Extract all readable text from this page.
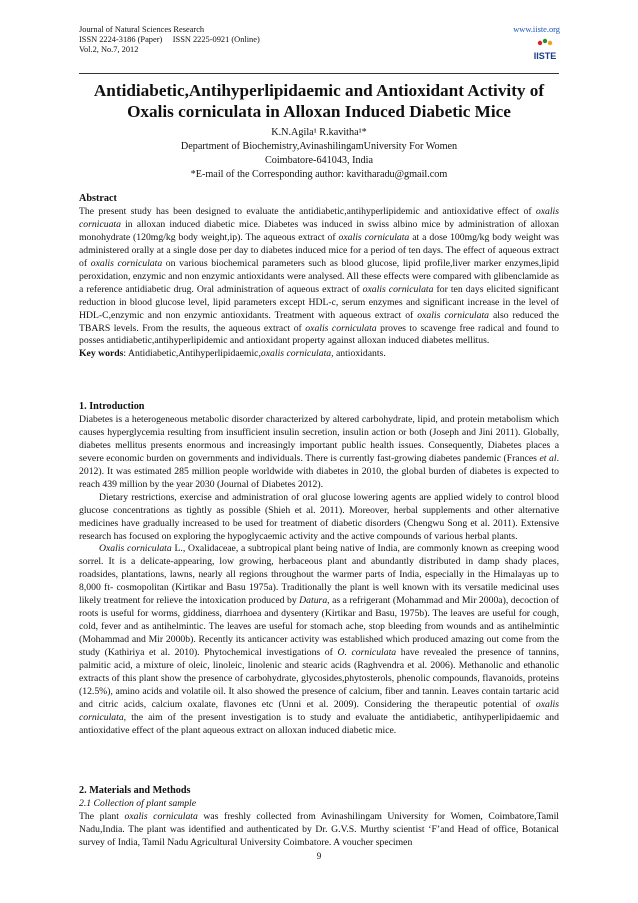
Journal of Natural Sciences Research
ISSN 2224-3186 (Paper)     ISSN 2225-0921 (Online)
Vol.2, No.7, 2012
www.iiste.org
IISTE
Antidiabetic,Antihyperlipidaemic and Antioxidant Activity of Oxalis corniculata in Alloxan Induced Diabetic Mice
K.N.Agila¹ R.kavitha¹*
Department of Biochemistry,AvinashilingamUniversity For Women
Coimbatore-641043, India
*E-mail of the Corresponding author: kavitharadu@gmail.com

Abstract

The present study has been designed to evaluate the antidiabetic,antihyperlipidemic and antioxidative effect of oxalis cornicuata in alloxan induced diabetic mice. Diabetes was induced in swiss albino mice by administration of alloxan monohydrate (120mg/kg body weight,ip). The aqueous extract of oxalis corniculata at a dose 100mg/kg body weight was administered orally at a single dose per day to diabetes induced mice for a period of ten days. The effect of aqueous extract of oxalis corniculata on various biochemical parameters such as blood glucose, lipid profile,liver marker enzymes,lipid peroxidation, enzymic and non enzymic antioxidants were analysed. All these effects were compared with glibenclamide as a reference antidiabetic drug. Oral administration of aqueous extract of oxalis corniculata for ten days elicited significant reduction in blood glucose level, lipid parameters except HDL-c, serum enzymes and significant increase in the level of HDL-C,enzymic and non enzymic antioxidants. Treatment with aqueous extract of oxalis corniculata also reduced the TBARS levels. From the results, the aqueous extract of oxalis corniculata proves to scavenge free radical and found to posses antidiabetic,antihyperlipidemic and antioxidant property against alloxan induced diabetes mellitus.

Key words: Antidiabetic,Antihyperlipidaemic,oxalis corniculata, antioxidants.

1. Introduction

Diabetes is a heterogeneous metabolic disorder characterized by altered carbohydrate, lipid, and protein metabolism which causes hyperglycemia resulting from insufficient insulin secretion, insulin action or both (Joseph and Jini 2011). Globally, diabetes mellitus presents enormous and increasingly important public health issues. Consequently, Diabetes places a severe economic burden on governments and individuals. There is currently fast-growing diabetes pandemic (Frances et al. 2012). It was estimated 285 million people worldwide with diabetes in 2010, the global burden of diabetes is expected to reach 439 million by the year 2030 (Journal of Diabetes 2012).

Dietary restrictions, exercise and administration of oral glucose lowering agents are applied widely to control blood glucose concentrations as tightly as possible (Shieh et al. 2011). Moreover, herbal supplements and other alternative medicines have gradually increased to be used for treatment of diabetic disorders (Chengwu Song et al. 2011). Extensive research has focused on exploring the hypoglycaemic activity and the active compounds of various herbal plants.

Oxalis corniculata L., Oxalidaceae, a subtropical plant being native of India, are commonly known as creeping wood sorrel. It is a delicate-appearing, low growing, herbaceous plant and abundantly distributed in damp shady places, roadsides, plantations, lawns, nearly all regions throughout the warmer parts of India, especially in the Himalayas up to 8,000 ft- cosmopolitan (Kirtikar and Basu 1975a). Traditionally the plant is well known with its versatile medicinal uses likely treatment for relieve the intoxication produced by Datura, as a refrigerant (Mohammad and Mir 2000a), decoction of roots is useful for worms, giddiness, diarrhoea and dysentery (Kirtikar and Basu, 1975b). The leaves are useful for cough, cold, fever and as antihelmintic. The leaves are useful for stomach ache, stop bleeding from wounds and as antihelmintic (Mohammad and Mir 2000b). Recently its anticancer activity was established which produced amazing out come from the study (Kathiriya et al. 2010). Phytochemical investigations of O. corniculata have revealed the presence of tannins, palmitic acid, a mixture of oleic, linoleic, linolenic and stearic acids (Raghvendra et al. 2006). Methanolic and ethanolic extracts of this plant show the presence of carbohydrate, glycosides,phytosterols, phenolic compounds, flavanoids, proteins (12.5%), amino acids and volatile oil. It also showed the presence of calcium, fiber and tannin. Leaves contain tartaric acid and citric acids, calcium oxalate, flavones etc (Unni et al. 2009). Considering the therapeutic potential of oxalis corniculata, the aim of the present investigation is to study and evaluate the antidiabetic, antihyperlipidaemic and antioxidative effect of the plant aqueous extract on alloxan induced diabetic mice.

2. Materials and Methods

2.1 Collection of plant sample

The plant oxalis corniculata was freshly collected from Avinashilingam University for Women, Coimbatore,Tamil Nadu,India. The plant was identified and authenticated by Dr. G.V.S. Murthy scientist ‘F’and Head of office, Botanical survey of India, Tamil Nadu Agricultural University Coimbatore. A voucher specimen

9
